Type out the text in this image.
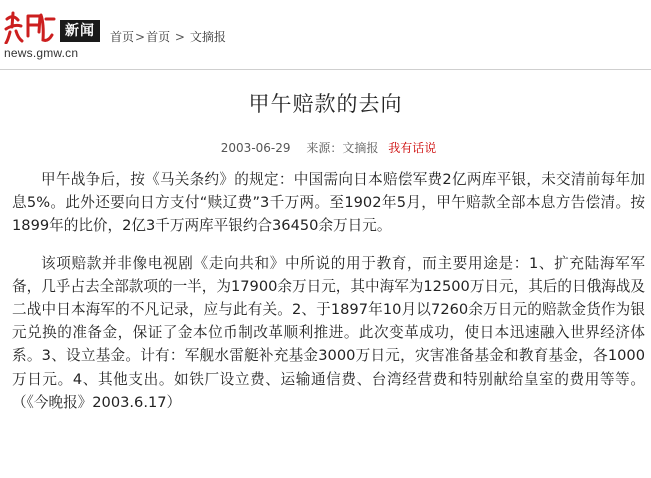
新闻
news.gmw.cn
首页>首页 > 文摘报
甲午赔款的去向
2003-06-29 来源：文摘报 我有话说

甲午战争后，按《马关条约》的规定：中国需向日本赔偿军费2亿两库平银，未交清前每年加息5%。此外还要向日方支付“赎辽费”3千万两。至1902年5月，甲午赔款全部本息方告偿清。按1899年的比价，2亿3千万两库平银约合36450余万日元。

该项赔款并非像电视剧《走向共和》中所说的用于教育，而主要用途是：1、扩充陆海军军备，几乎占去全部款项的一半，为17900余万日元，其中海军为12500万日元，其后的日俄海战及二战中日本海军的不凡记录，应与此有关。2、于1897年10月以7260余万日元的赔款金货作为银元兑换的准备金，保证了金本位币制改革顺利推进。此次变革成功，使日本迅速融入世界经济体系。3、设立基金。计有：军舰水雷艇补充基金3000万日元，灾害准备基金和教育基金，各1000万日元。4、其他支出。如铁厂设立费、运输通信费、台湾经营费和特别献给皇室的费用等等。（《今晚报》2003.6.17）
